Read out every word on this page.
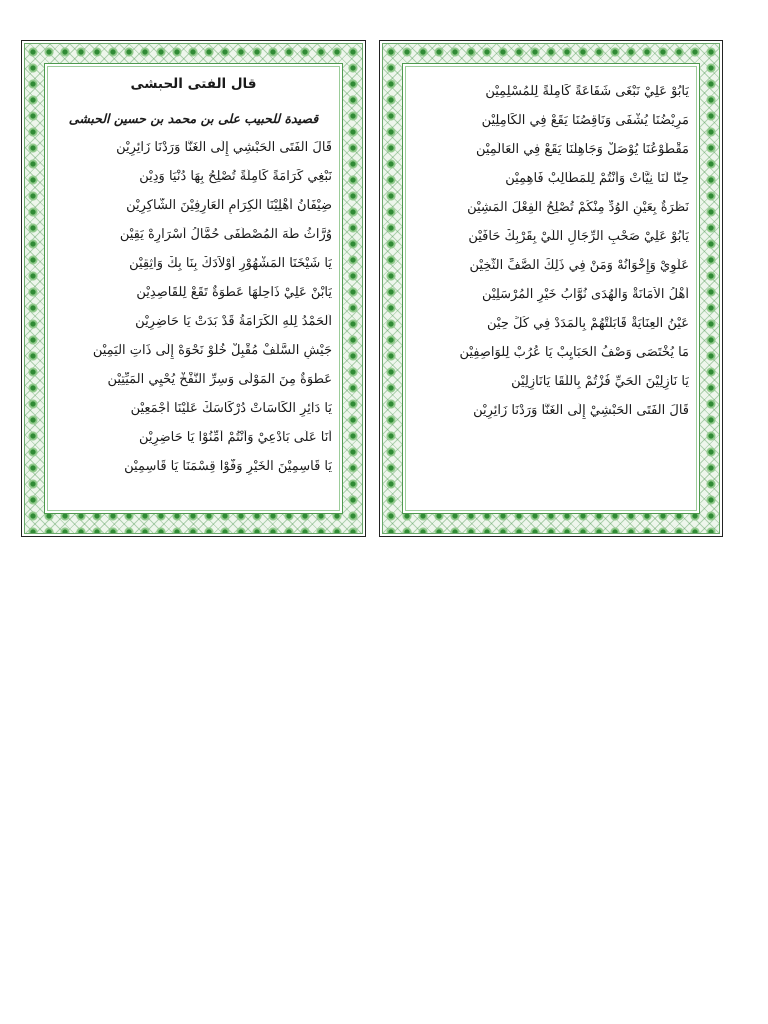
قال الفتى الحبشى
قصيدة للحبيب على بن محمد بن حسين الحبشى
قَالَ الْفَتَى الْحَبْشِي إِلَى الْغَنَّا وَرَدْنَا زَائِرِيْن
نَبْغِي كَرَامَةً كَامِلَةً تُصْلِحُ بِهَا دُنْيَا وَدِيْن
ضِيْفَانُ أَهْلِيْنَا الْكِرَامِ الْعَارِفِيْنَ الشَّاكِرِيْن
وُرَّاثُ طَهَ الْمُصْطَفَى حُمَّالُ أَسْرَارِهْ يَقِيْن
يَا شَيْخَنَا الْمَشْهُوْرِ أَوْلاَدَكْ بِنَا بِكْ وَاثِقِيْن
يَابْنْ عَلِيْ ذَاحِلْهَا عَطْوَةٌ تَقَعْ لِلْقَاصِدِيْن
اَلْحَمْدُ لِلهِ الْكَرَامَةُ قَدْ بَدَتْ يَا حَاضِرِيْن
جَيْشِ السَّلَفْ مُقْبِلْ خُلُوْ نَحْوَهْ إِلَى ذَاتِ الْيَمِيْن
عَطْوَةٌ مِنَ الْمَوْلَى وَسِرِّ النَّفْخْ يُحْيِي الْمَيِّتِيْن
يَا دَائِرِ الْكَاسَاتْ دُرْكَاسَكْ عَلَيْنَا أَجْمَعِيْن
أَنَا عَلَى بَادْعِيْ وَأَنْتُمْ أَمِّنُوْا يَا حَاضِرِيْن
يَا قَاسِمِيْنَ الْخَيْرِ وَفُّوْا قِسْمَنَا يَا قَاسِمِيْن
يَابُوْ عَلِيْ نَبْغَى شَفَاعَةً كَامِلَةً لِلْمُسْلِمِيْن
مَرِيْضُنَا يُشْفَى وَنَاقِصُنَا يَقَعْ فِي الْكَامِلِيْن
مَقْطُوْعُنَا يُوْصَلْ وَجَاهِلُنَا يَقَعْ فِي الْعَالَمِيْن
حِنَّا لَنَا نِيَّاتْ وَأَنْتُمْ لِلْمَطَالِبْ فَاهِمِيْن
نَظْرَةٌ بِعَيْنِ الْوُدِّ مِنْكُمْ تُصْلِحُ الْفِعْلَ الْمَشِيْن
يَابُوْ عَلِيْ صَحْبِ الرِّجَالِ اللِّيْ بِقَرْبِكْ حَافِّيْن
عَلَوِيْ وَإِخْوَانُهْ وَمَنْ فِي ذَلِكَ الصَّفِّ الثَّخِيْن
أَهْلُ الْأَمَانَةْ وَالْهُدَى نُوَّابُ خَيْرِ الْمُرْسَلِيْن
عَيْنُ الْعِنَايَةْ قَابَلَتْهُمْ بِالْمَدَدْ فِي كُلِّ حِيْن
مَا يُخْتَصَى وَصْفُ الْحَبَايِبْ يَا عُرُبْ لِلْوَاصِفِيْن
يَا نَازِلِيْنَ الْحَيِّ فُزْتُمْ بِاللِّقَا يَانَازِلِيْن
قَالَ الْفَتَى الْحَبْشِيْ إِلَى الْغَنَّا وَرَدْنَا زَائِرِيْن
